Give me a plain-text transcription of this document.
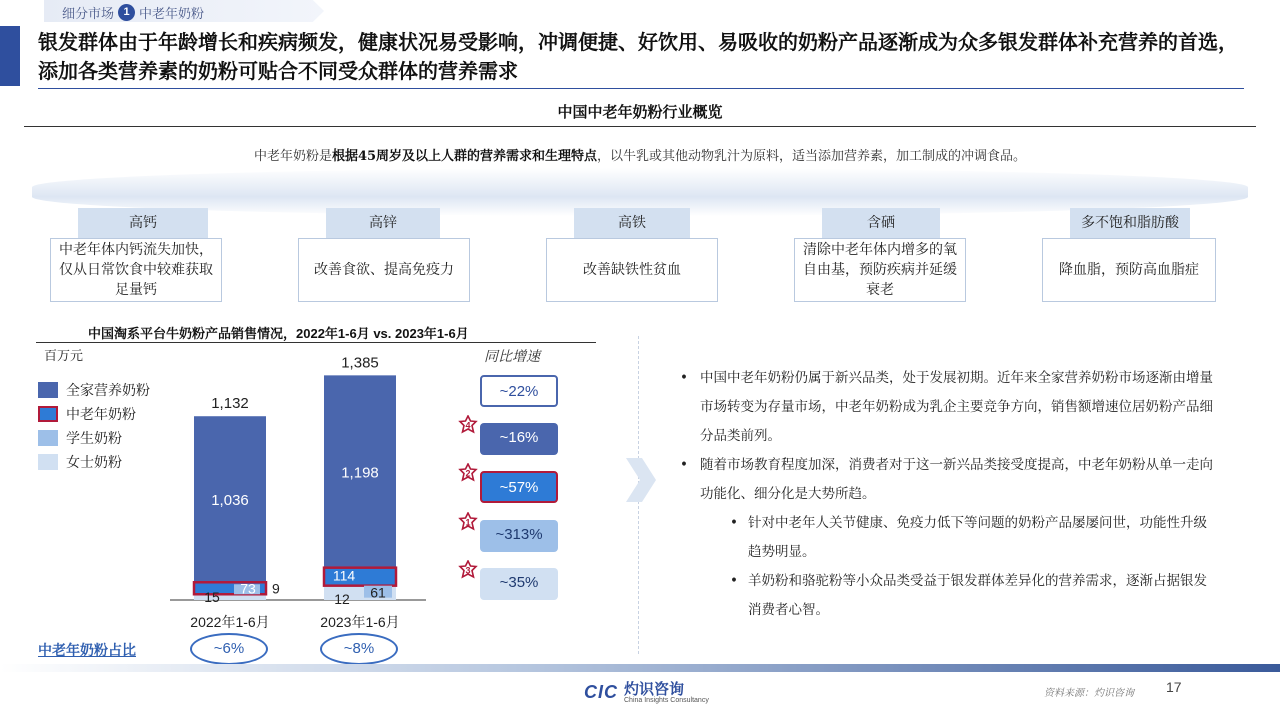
细分市场 1 中老年奶粉
银发群体由于年龄增长和疾病频发，健康状况易受影响，冲调便捷、好饮用、易吸收的奶粉产品逐渐成为众多银发群体补充营养的首选，添加各类营养素的奶粉可贴合不同受众群体的营养需求
中国中老年奶粉行业概览
中老年奶粉是根据45周岁及以上人群的营养需求和生理特点，以牛乳或其他动物乳汁为原料，适当添加营养素，加工制成的冲调食品。
高钙
中老年体内钙流失加快，仅从日常饮食中较难获取足量钙
高锌
改善食欲、提高免疫力
高铁
改善缺铁性贫血
含硒
清除中老年体内增多的氧自由基，预防疾病并延缓衰老
多不饱和脂肪酸
降血脂，预防高血脂症
中国淘系平台牛奶粉产品销售情况，2022年1-6月 vs. 2023年1-6月
百万元	同比增速
全家营养奶粉
中老年奶粉
学生奶粉
女士奶粉
1,036
1,132
73 9
15
2022年1-6月
1,198
1,385
114
61
12
2023年1-6月
~22%
~16%
4
~57%
2
~313%
1
~35%
3
中老年奶粉占比	~6%	~8%
• 中国中老年奶粉仍属于新兴品类，处于发展初期。近年来全家营养奶粉市场逐渐由增量市场转变为存量市场，中老年奶粉成为乳企主要竞争方向，销售额增速位居奶粉产品细分品类前列。
• 随着市场教育程度加深，消费者对于这一新兴品类接受度提高，中老年奶粉从单一走向功能化、细分化是大势所趋。
• 针对中老年人关节健康、免疫力低下等问题的奶粉产品屡屡问世，功能性升级趋势明显。
• 羊奶粉和骆驼粉等小众品类受益于银发群体差异化的营养需求，逐渐占据银发消费者心智。
CIC 灼识咨询
China Insights Consultancy
资料来源：灼识咨询 17
